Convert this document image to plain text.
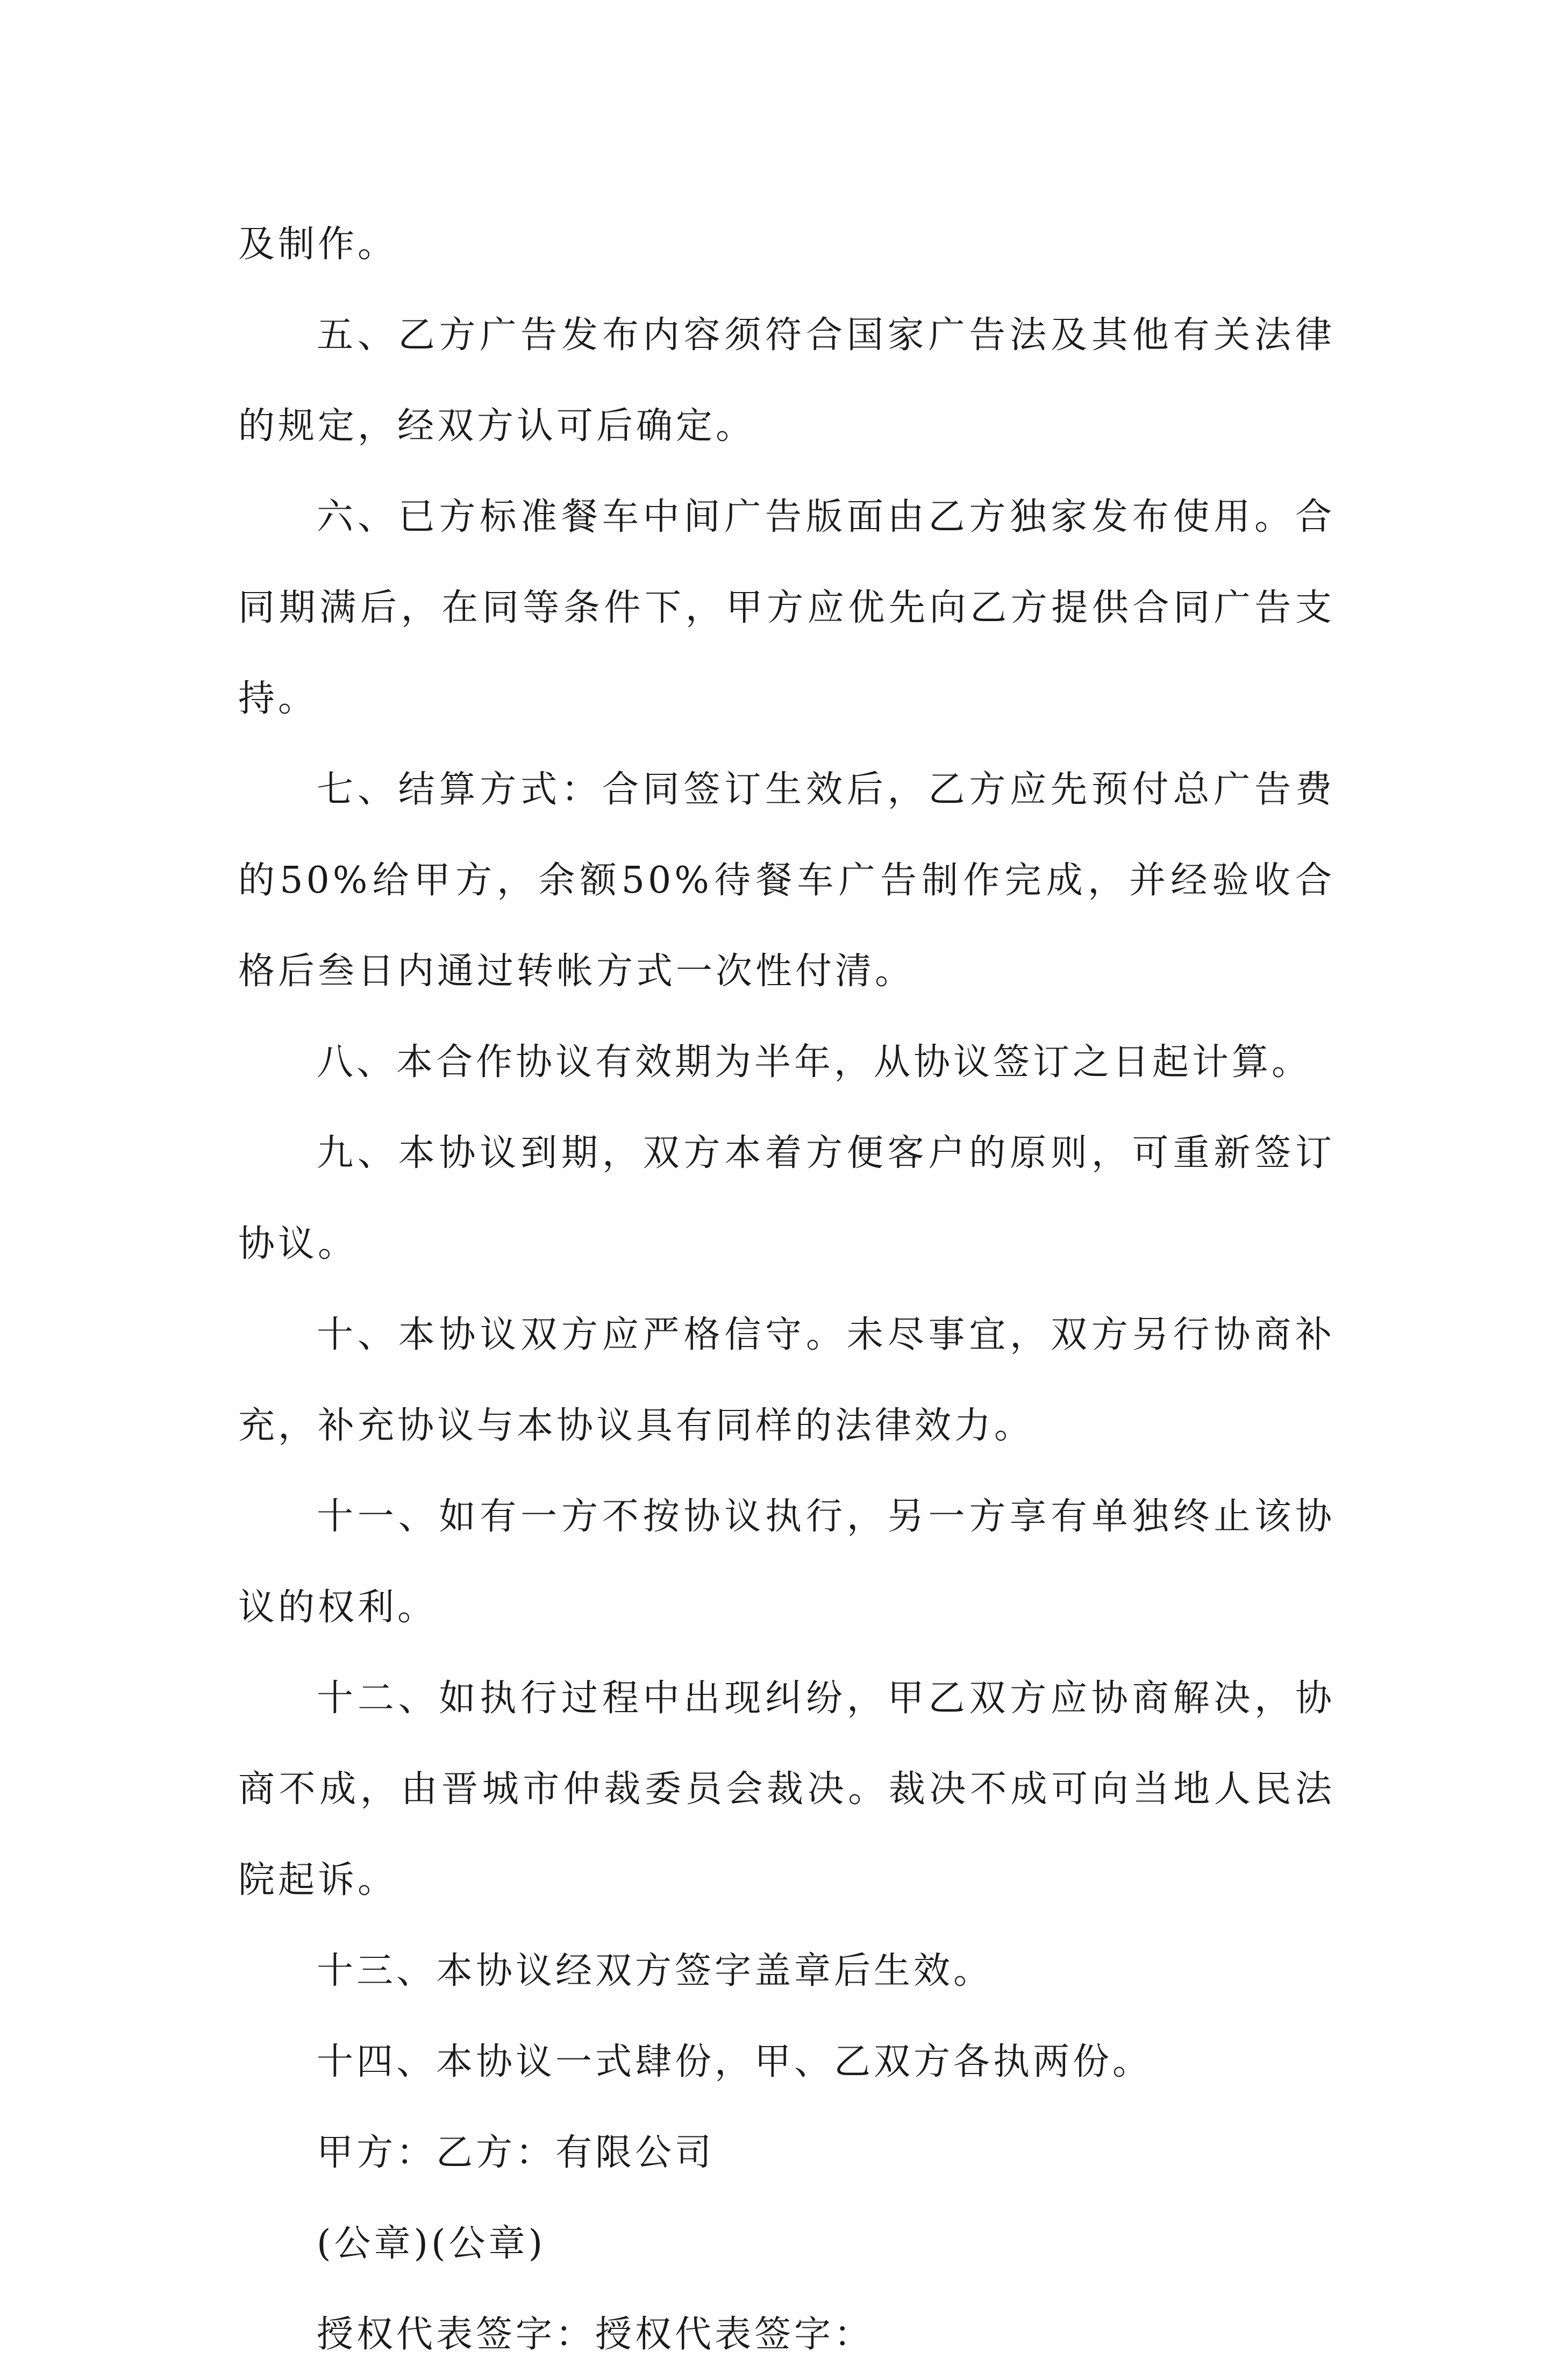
及制作。

五、乙方广告发布内容须符合国家广告法及其他有关法律的规定，经双方认可后确定。

六、已方标准餐车中间广告版面由乙方独家发布使用。合同期满后，在同等条件下，甲方应优先向乙方提供合同广告支持。

七、结算方式：合同签订生效后，乙方应先预付总广告费的50%给甲方，余额50%待餐车广告制作完成，并经验收合格后叁日内通过转帐方式一次性付清。

八、本合作协议有效期为半年，从协议签订之日起计算。

九、本协议到期，双方本着方便客户的原则，可重新签订协议。

十、本协议双方应严格信守。未尽事宜，双方另行协商补充，补充协议与本协议具有同样的法律效力。

十一、如有一方不按协议执行，另一方享有单独终止该协议的权利。

十二、如执行过程中出现纠纷，甲乙双方应协商解决，协商不成，由晋城市仲裁委员会裁决。裁决不成可向当地人民法院起诉。

十三、本协议经双方签字盖章后生效。

十四、本协议一式肆份，甲、乙双方各执两份。

甲方：乙方：有限公司

(公章)(公章)

授权代表签字：授权代表签字：
